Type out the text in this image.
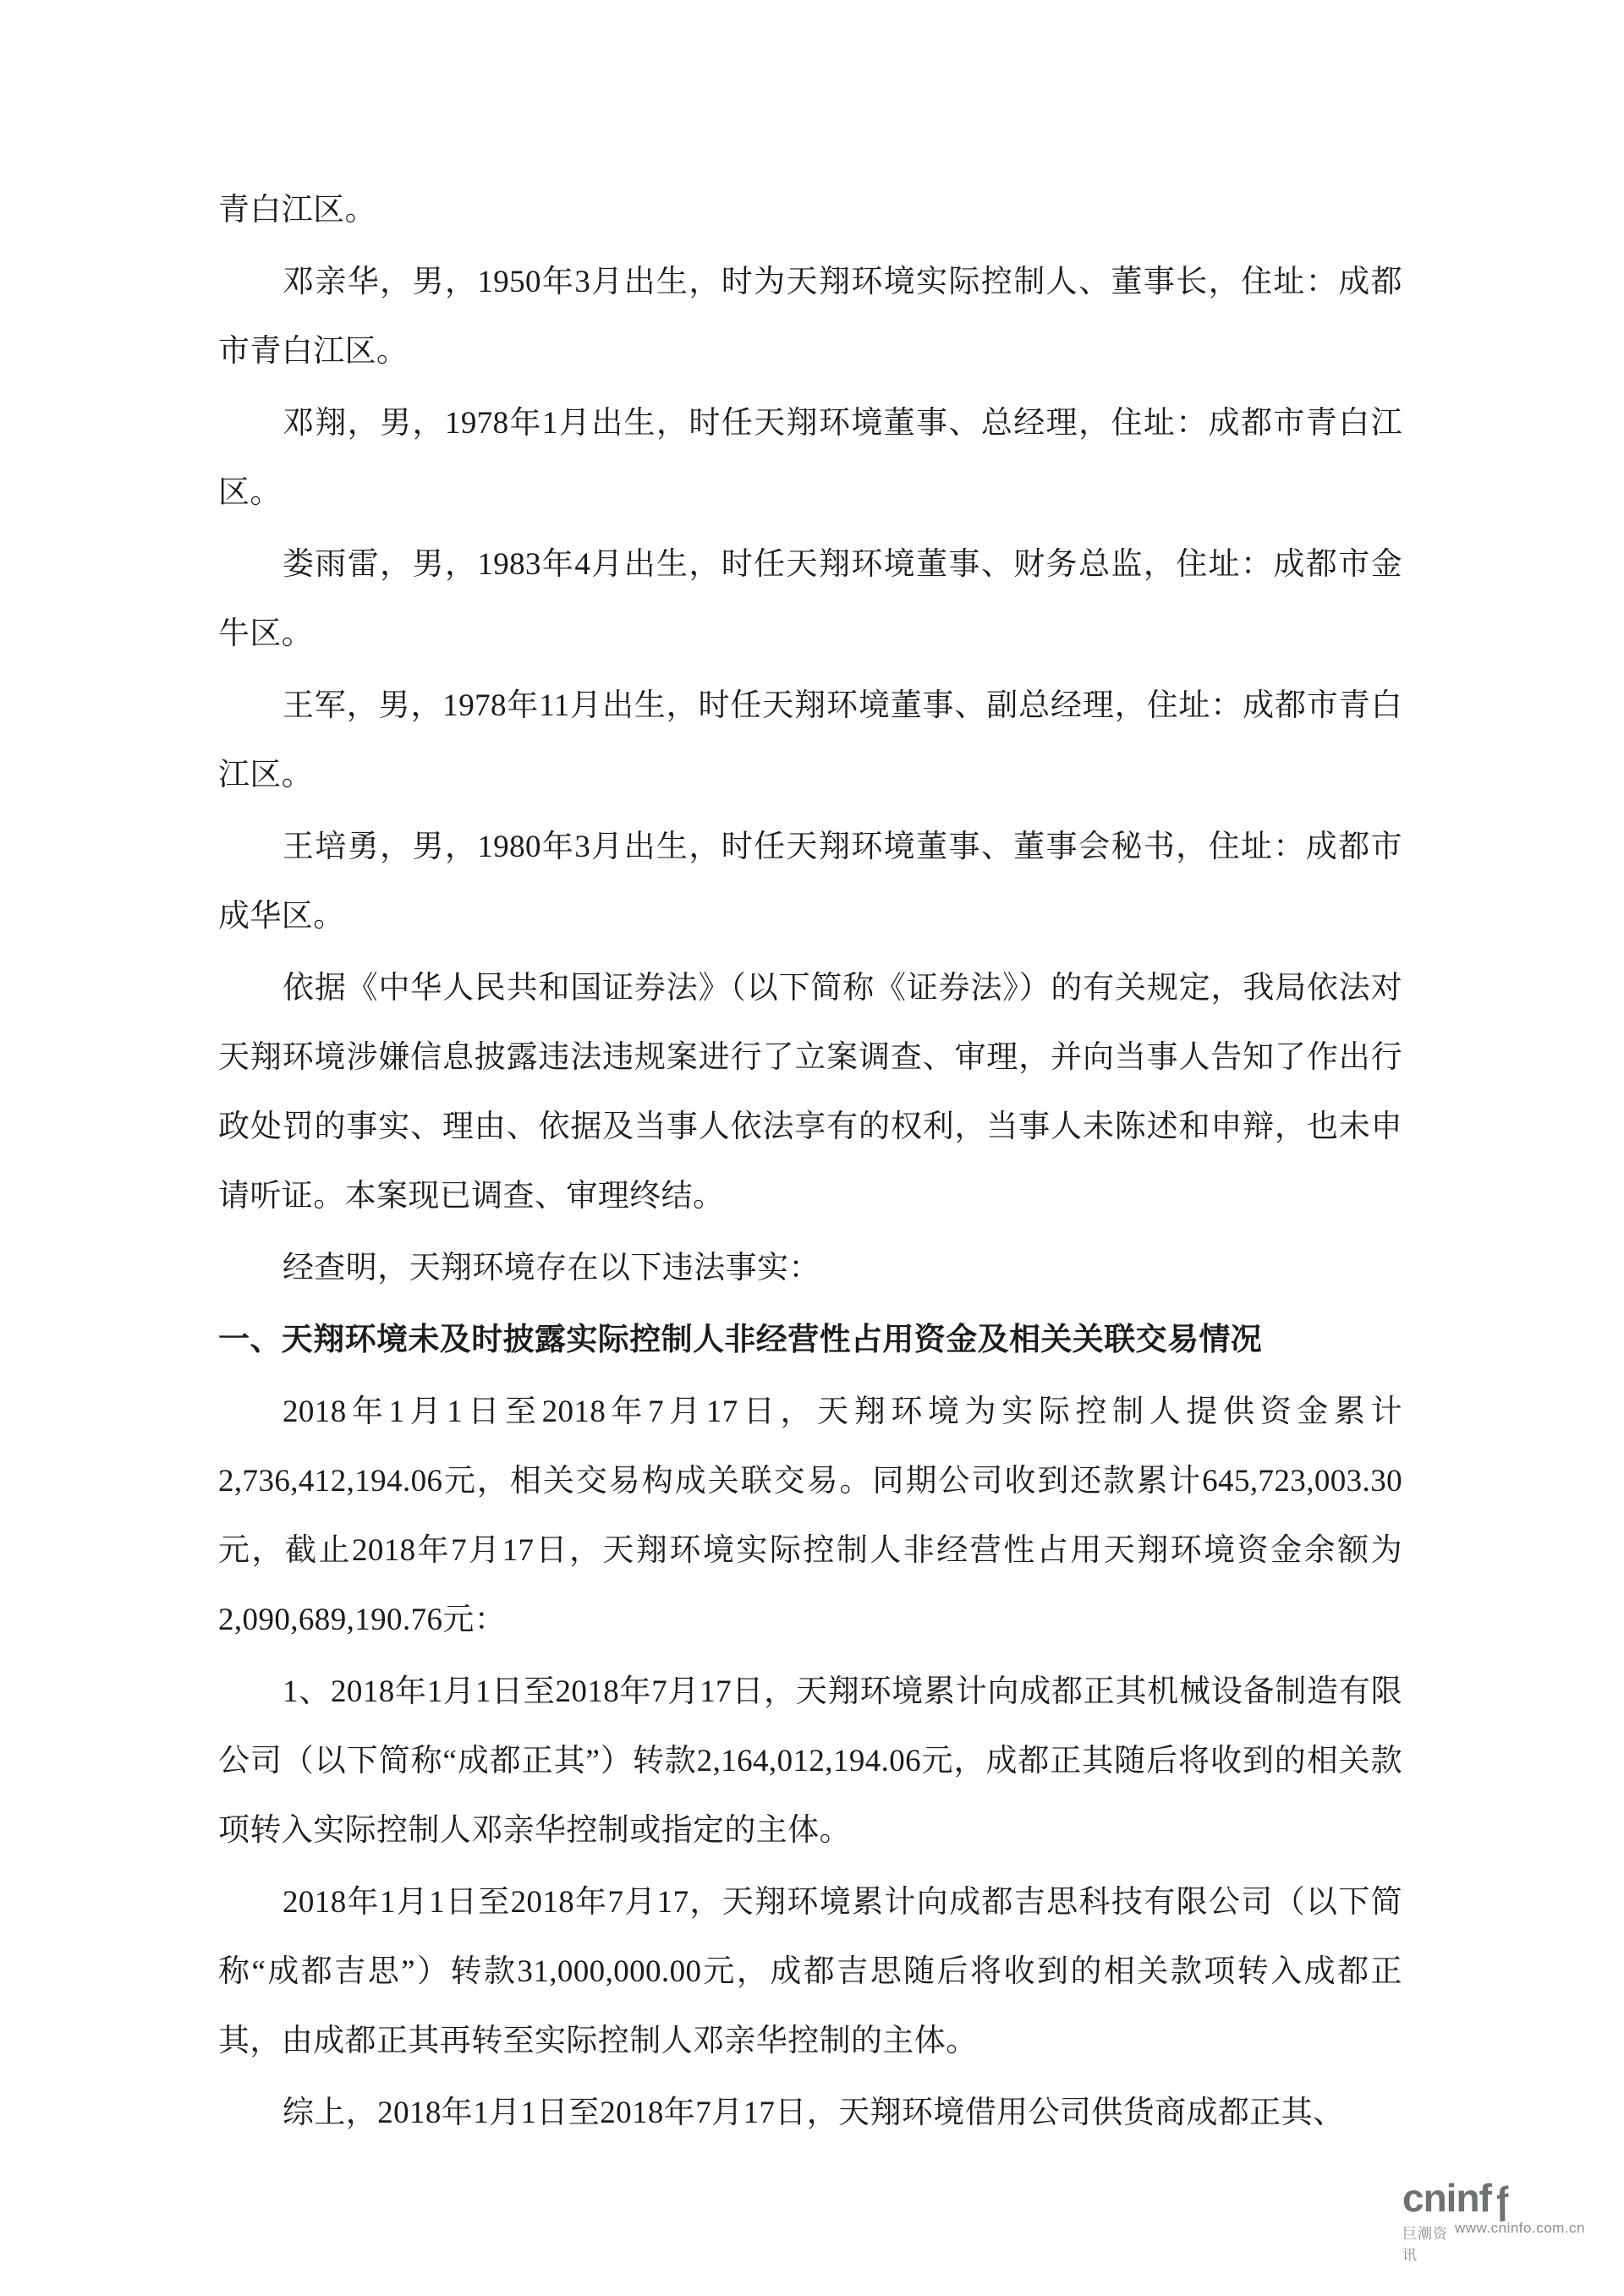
青白江区。

邓亲华，男，1950年3月出生，时为天翔环境实际控制人、董事长，住址：成都市青白江区。

邓翔，男，1978年1月出生，时任天翔环境董事、总经理，住址：成都市青白江区。

娄雨雷，男，1983年4月出生，时任天翔环境董事、财务总监，住址：成都市金牛区。

王军，男，1978年11月出生，时任天翔环境董事、副总经理，住址：成都市青白江区。

王培勇，男，1980年3月出生，时任天翔环境董事、董事会秘书，住址：成都市成华区。

依据《中华人民共和国证券法》（以下简称《证券法》）的有关规定，我局依法对天翔环境涉嫌信息披露违法违规案进行了立案调查、审理，并向当事人告知了作出行政处罚的事实、理由、依据及当事人依法享有的权利，当事人未陈述和申辩，也未申请听证。本案现已调查、审理终结。

经查明，天翔环境存在以下违法事实：

一、天翔环境未及时披露实际控制人非经营性占用资金及相关关联交易情况

2018年1月1日至2018年7月17日，天翔环境为实际控制人提供资金累计2,736,412,194.06元，相关交易构成关联交易。同期公司收到还款累计645,723,003.30元，截止2018年7月17日，天翔环境实际控制人非经营性占用天翔环境资金余额为2,090,689,190.76元：

1、2018年1月1日至2018年7月17日，天翔环境累计向成都正其机械设备制造有限公司（以下简称“成都正其”）转款2,164,012,194.06元，成都正其随后将收到的相关款项转入实际控制人邓亲华控制或指定的主体。

2018年1月1日至2018年7月17，天翔环境累计向成都吉思科技有限公司（以下简称“成都吉思”）转款31,000,000.00元，成都吉思随后将收到的相关款项转入成都正其，由成都正其再转至实际控制人邓亲华控制的主体。

综上，2018年1月1日至2018年7月17日，天翔环境借用公司供货商成都正其、

cninfƒ
巨潮资讯
www.cninfo.com.cn
